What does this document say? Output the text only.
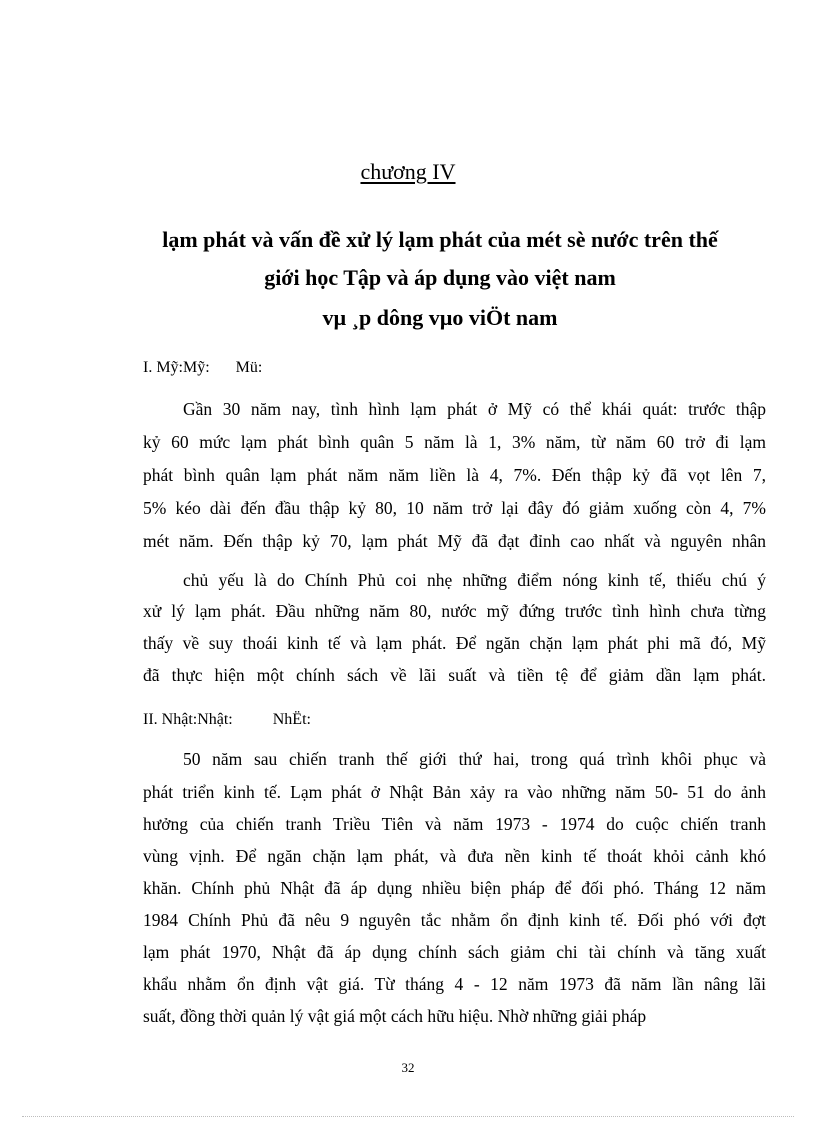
chương IV
lạm phát và vấn đề xử lý lạm phát của mét sè nước trên thế
giới học Tập và áp dụng vào việt nam
vµ ¸p dông vµo viÖt nam
I. Mỹ:Mỹ: Mü:
Gần 30 năm nay, tình hình lạm phát ở Mỹ có thể khái quát: trước thập
kỷ 60 mức lạm phát bình quân 5 năm là 1, 3% năm, từ năm 60 trở đi lạm
phát bình quân lạm phát năm năm liền là 4, 7%. Đến thập kỷ đã vọt lên 7,
5% kéo dài đến đầu thập kỷ 80, 10 năm trở lại đây đó giảm xuống còn 4, 7%
mét năm. Đến thập kỷ 70, lạm phát Mỹ đã đạt đỉnh cao nhất và nguyên nhân
chủ yếu là do Chính Phủ coi nhẹ những điểm nóng kinh tế, thiếu chú ý
xử lý lạm phát. Đầu những năm 80, nước mỹ đứng trước tình hình chưa từng
thấy về suy thoái kinh tế và lạm phát. Để ngăn chặn lạm phát phi mã đó, Mỹ
đã thực hiện một chính sách về lãi suất và tiền tệ để giảm dần lạm phát.
II. Nhật:Nhật:	NhËt:
50 năm sau chiến tranh thế giới thứ hai, trong quá trình khôi phục và
phát triển kinh tế. Lạm phát ở Nhật Bản xảy ra vào những năm 50- 51 do ảnh
hưởng của chiến tranh Triều Tiên và năm 1973 - 1974 do cuộc chiến tranh
vùng vịnh. Để ngăn chặn lạm phát, và đưa nền kinh tế thoát khỏi cảnh khó
khăn. Chính phủ Nhật đã áp dụng nhiều biện pháp để đối phó. Tháng 12 năm
1984 Chính Phủ đã nêu 9 nguyên tắc nhằm ổn định kinh tế. Đối phó với đợt
lạm phát 1970, Nhật đã áp dụng chính sách giảm chi tài chính và tăng xuất
khẩu nhằm ổn định vật giá. Từ tháng 4 - 12 năm 1973 đã năm lần nâng lãi
suất, đồng thời quản lý vật giá một cách hữu hiệu. Nhờ những giải pháp
32
